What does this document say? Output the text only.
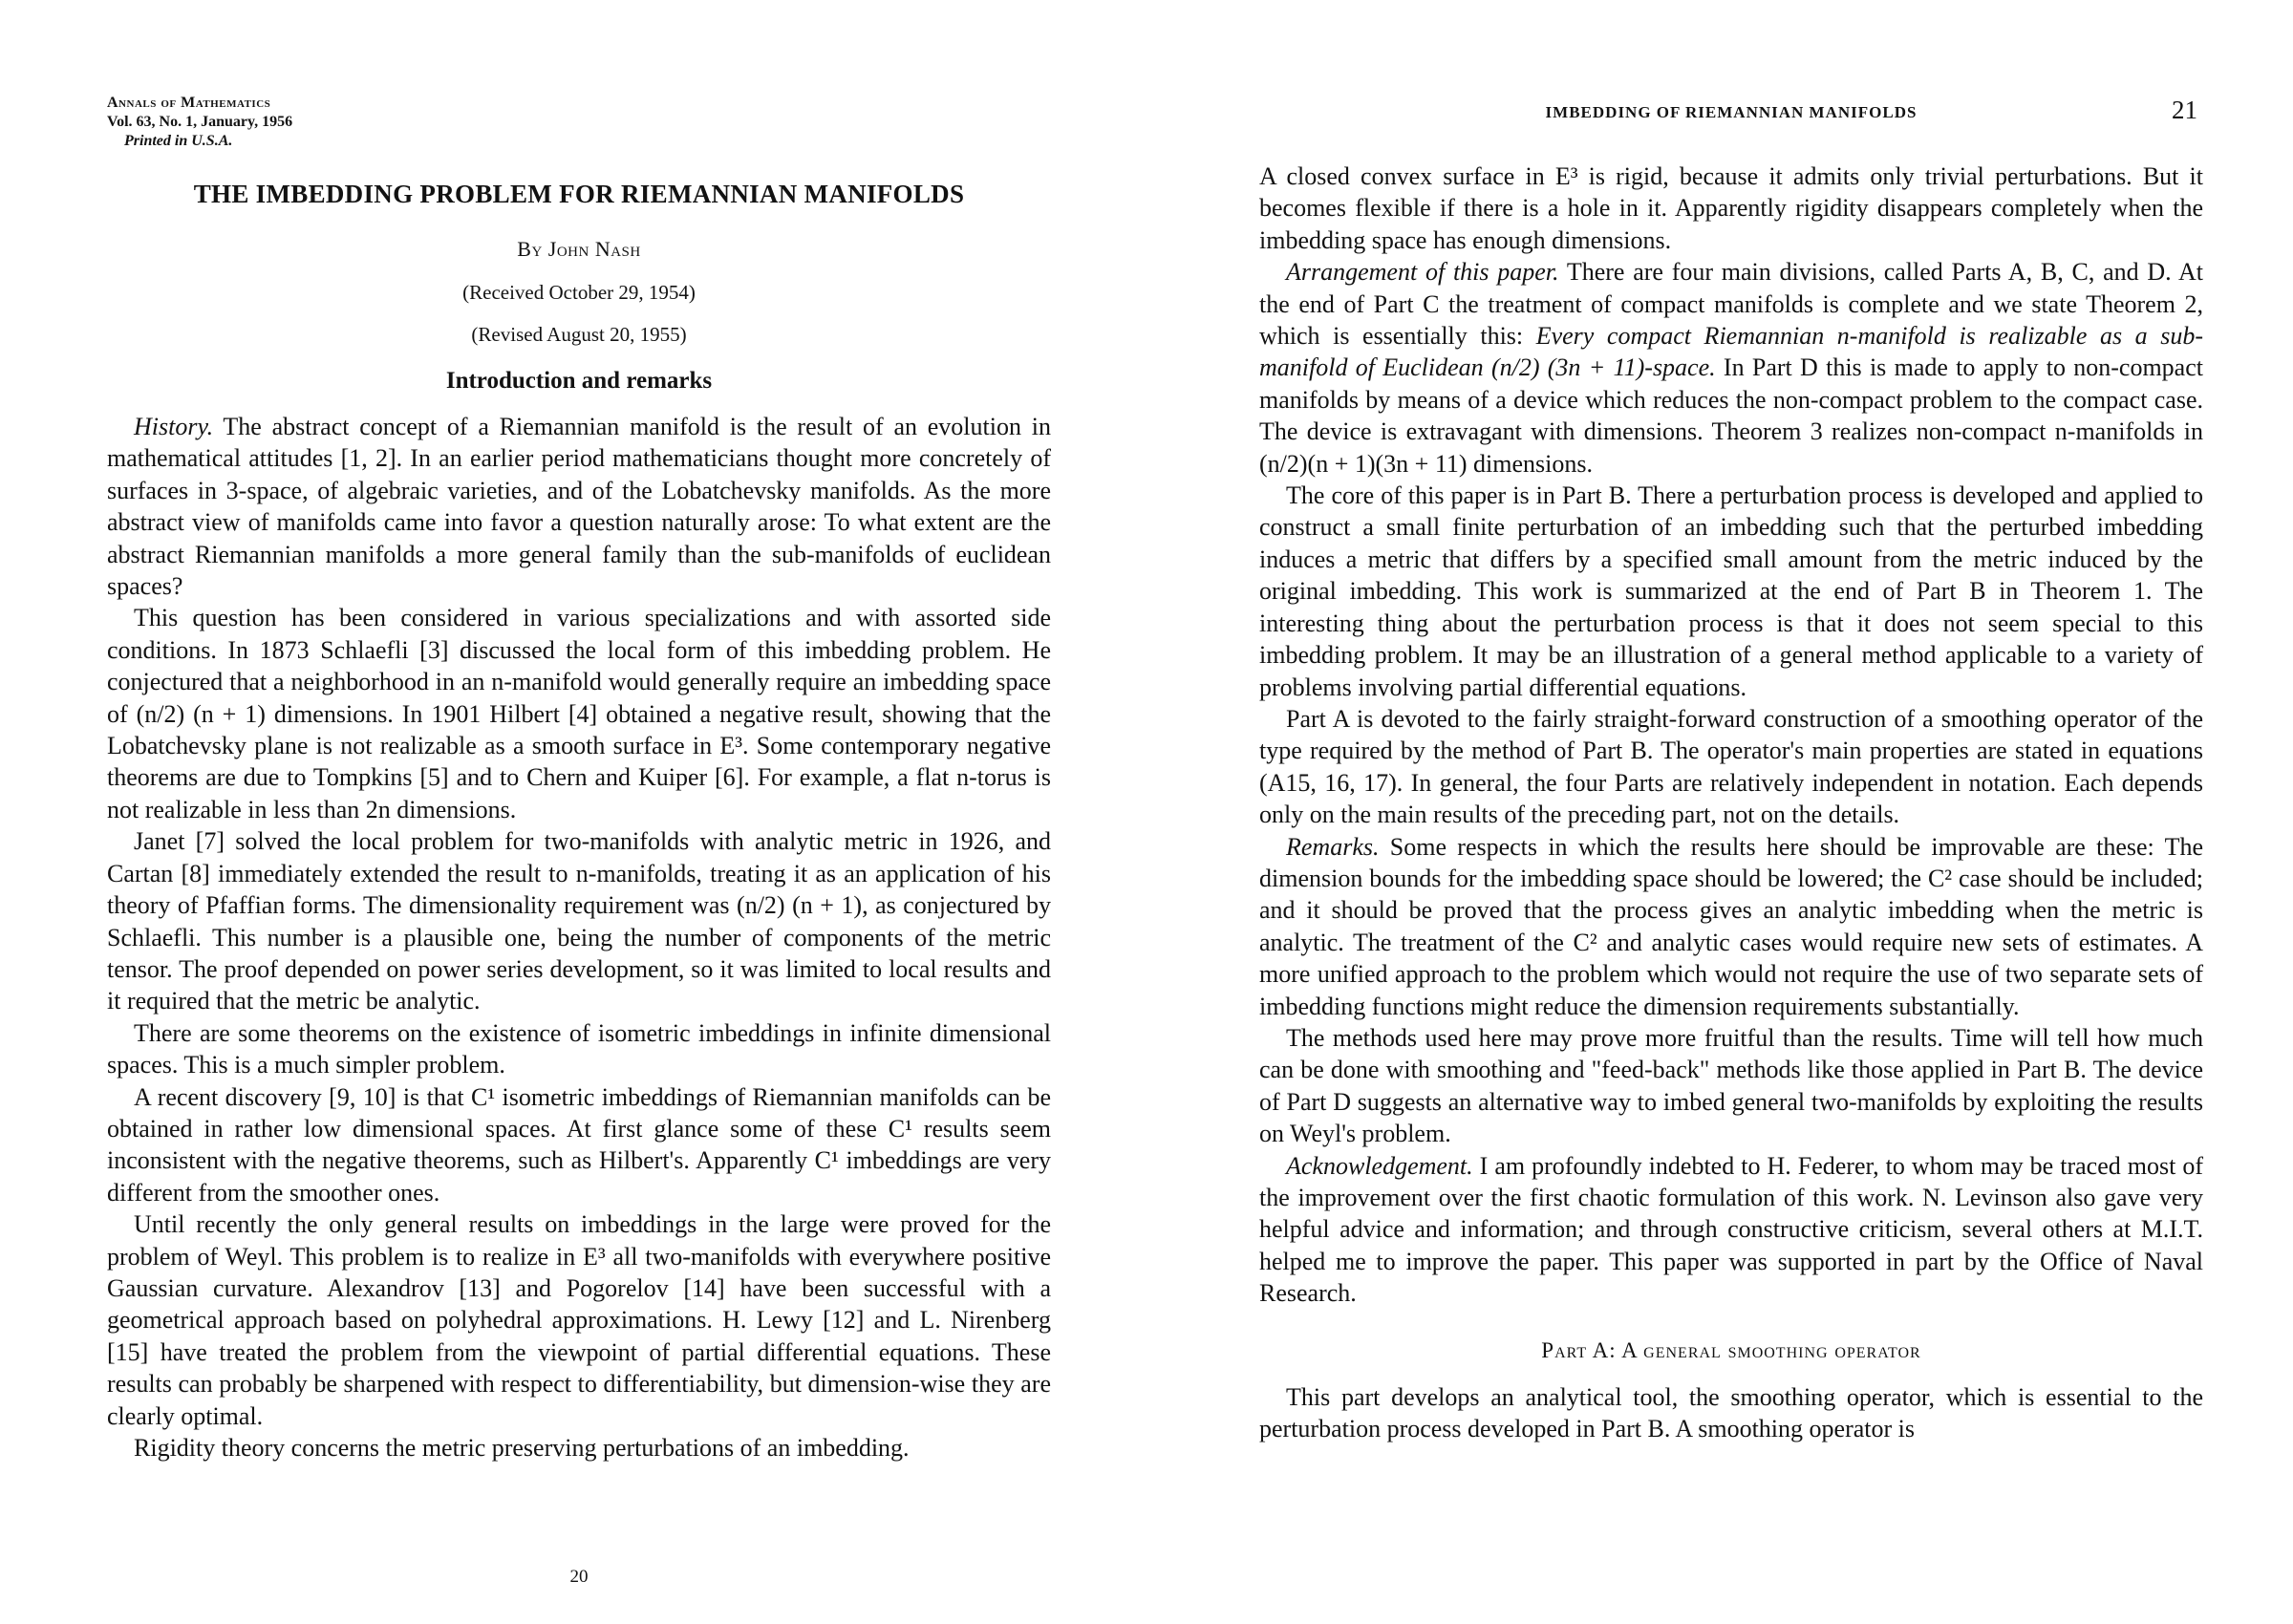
Annals of Mathematics
Vol. 63, No. 1, January, 1956
Printed in U.S.A.
THE IMBEDDING PROBLEM FOR RIEMANNIAN MANIFOLDS
By John Nash
(Received October 29, 1954)
(Revised August 20, 1955)
Introduction and remarks

History. The abstract concept of a Riemannian manifold is the result of an evolution in mathematical attitudes [1, 2]. In an earlier period mathematicians thought more concretely of surfaces in 3-space, of algebraic varieties, and of the Lobatchevsky manifolds. As the more abstract view of manifolds came into favor a question naturally arose: To what extent are the abstract Riemannian manifolds a more general family than the sub-manifolds of euclidean spaces?

This question has been considered in various specializations and with assorted side conditions. In 1873 Schlaefli [3] discussed the local form of this imbedding problem. He conjectured that a neighborhood in an n-manifold would generally require an imbedding space of (n/2) (n + 1) dimensions. In 1901 Hilbert [4] obtained a negative result, showing that the Lobatchevsky plane is not realizable as a smooth surface in E³. Some contemporary negative theorems are due to Tompkins [5] and to Chern and Kuiper [6]. For example, a flat n-torus is not realizable in less than 2n dimensions.

Janet [7] solved the local problem for two-manifolds with analytic metric in 1926, and Cartan [8] immediately extended the result to n-manifolds, treating it as an application of his theory of Pfaffian forms. The dimensionality requirement was (n/2) (n + 1), as conjectured by Schlaefli. This number is a plausible one, being the number of components of the metric tensor. The proof depended on power series development, so it was limited to local results and it required that the metric be analytic.

There are some theorems on the existence of isometric imbeddings in infinite dimensional spaces. This is a much simpler problem.

A recent discovery [9, 10] is that C¹ isometric imbeddings of Riemannian manifolds can be obtained in rather low dimensional spaces. At first glance some of these C¹ results seem inconsistent with the negative theorems, such as Hilbert's. Apparently C¹ imbeddings are very different from the smoother ones.

Until recently the only general results on imbeddings in the large were proved for the problem of Weyl. This problem is to realize in E³ all two-manifolds with everywhere positive Gaussian curvature. Alexandrov [13] and Pogorelov [14] have been successful with a geometrical approach based on polyhedral approximations. H. Lewy [12] and L. Nirenberg [15] have treated the problem from the viewpoint of partial differential equations. These results can probably be sharpened with respect to differentiability, but dimension-wise they are clearly optimal.

Rigidity theory concerns the metric preserving perturbations of an imbedding.

20
IMBEDDING OF RIEMANNIAN MANIFOLDS	21

A closed convex surface in E³ is rigid, because it admits only trivial perturbations. But it becomes flexible if there is a hole in it. Apparently rigidity disappears completely when the imbedding space has enough dimensions.

Arrangement of this paper. There are four main divisions, called Parts A, B, C, and D. At the end of Part C the treatment of compact manifolds is complete and we state Theorem 2, which is essentially this: Every compact Riemannian n-manifold is realizable as a sub-manifold of Euclidean (n/2) (3n + 11)-space. In Part D this is made to apply to non-compact manifolds by means of a device which reduces the non-compact problem to the compact case. The device is extravagant with dimensions. Theorem 3 realizes non-compact n-manifolds in (n/2)(n + 1)(3n + 11) dimensions.

The core of this paper is in Part B. There a perturbation process is developed and applied to construct a small finite perturbation of an imbedding such that the perturbed imbedding induces a metric that differs by a specified small amount from the metric induced by the original imbedding. This work is summarized at the end of Part B in Theorem 1. The interesting thing about the perturbation process is that it does not seem special to this imbedding problem. It may be an illustration of a general method applicable to a variety of problems involving partial differential equations.

Part A is devoted to the fairly straight-forward construction of a smoothing operator of the type required by the method of Part B. The operator's main properties are stated in equations (A15, 16, 17). In general, the four Parts are relatively independent in notation. Each depends only on the main results of the preceding part, not on the details.

Remarks. Some respects in which the results here should be improvable are these: The dimension bounds for the imbedding space should be lowered; the C² case should be included; and it should be proved that the process gives an analytic imbedding when the metric is analytic. The treatment of the C² and analytic cases would require new sets of estimates. A more unified approach to the problem which would not require the use of two separate sets of imbedding functions might reduce the dimension requirements substantially.

The methods used here may prove more fruitful than the results. Time will tell how much can be done with smoothing and "feed-back" methods like those applied in Part B. The device of Part D suggests an alternative way to imbed general two-manifolds by exploiting the results on Weyl's problem.

Acknowledgement. I am profoundly indebted to H. Federer, to whom may be traced most of the improvement over the first chaotic formulation of this work. N. Levinson also gave very helpful advice and information; and through constructive criticism, several others at M.I.T. helped me to improve the paper. This paper was supported in part by the Office of Naval Research.

Part A: A general smoothing operator

This part develops an analytical tool, the smoothing operator, which is essential to the perturbation process developed in Part B. A smoothing operator is
